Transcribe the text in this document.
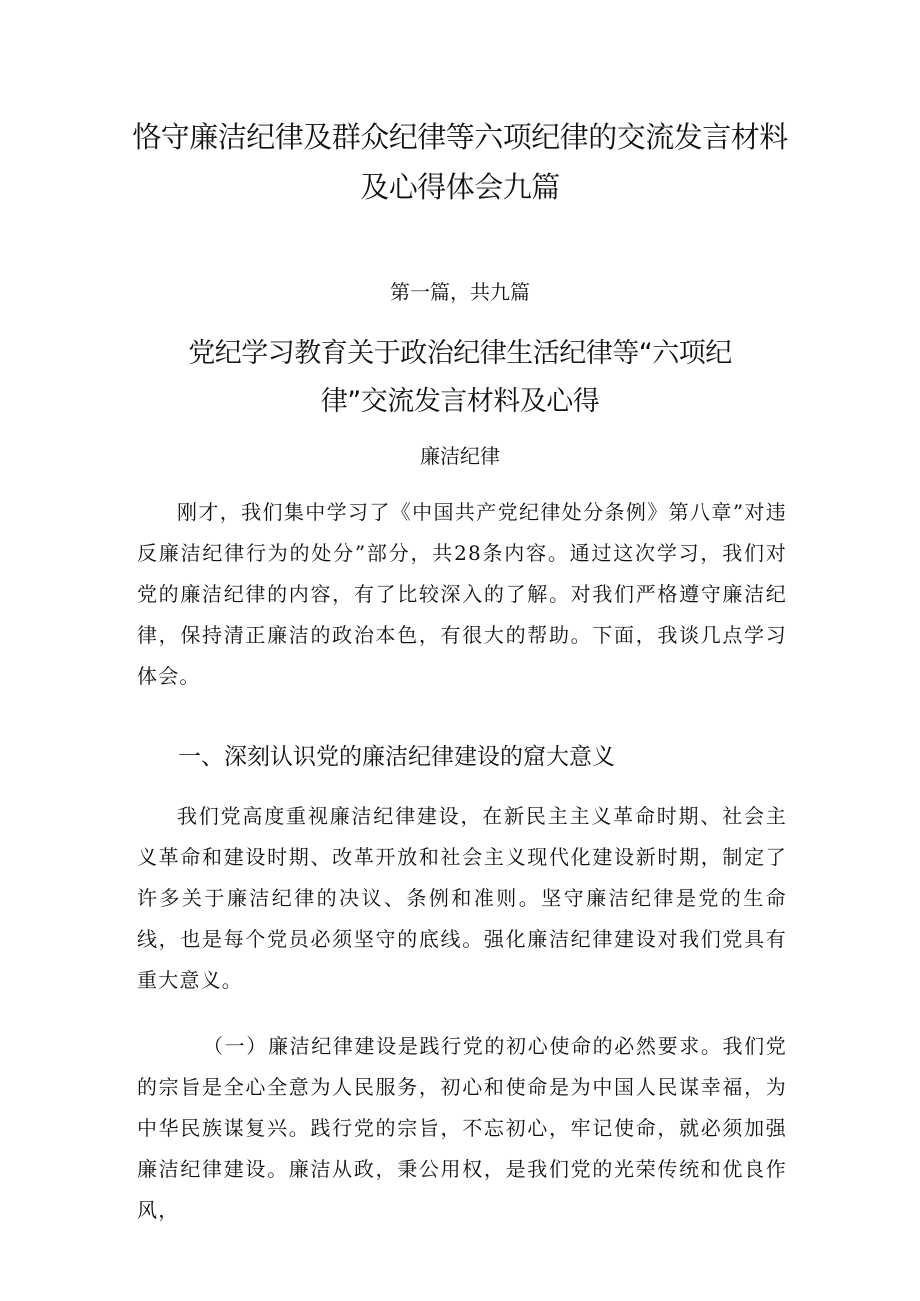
恪守廉洁纪律及群众纪律等六项纪律的交流发言材料及心得体会九篇
第一篇，共九篇
党纪学习教育关于政治纪律生活纪律等“六项纪律”交流发言材料及心得
廉洁纪律

刚才，我们集中学习了《中国共产党纪律处分条例》第八章”对违反廉洁纪律行为的处分”部分，共28条内容。通过这次学习，我们对党的廉洁纪律的内容，有了比较深入的了解。对我们严格遵守廉洁纪律，保持清正廉洁的政治本色，有很大的帮助。下面，我谈几点学习体会。

一、深刻认识党的廉洁纪律建设的窟大意义

我们党高度重视廉洁纪律建设，在新民主主义革命时期、社会主义革命和建设时期、改革开放和社会主义现代化建设新时期，制定了许多关于廉洁纪律的决议、条例和准则。坚守廉洁纪律是党的生命线，也是每个党员必须坚守的底线。强化廉洁纪律建设对我们党具有重大意义。

（一）廉洁纪律建设是践行党的初心使命的必然要求。我们党的宗旨是全心全意为人民服务，初心和使命是为中国人民谋幸福，为中华民族谋复兴。践行党的宗旨，不忘初心，牢记使命，就必须加强廉洁纪律建设。廉洁从政，秉公用权，是我们党的光荣传统和优良作风，
